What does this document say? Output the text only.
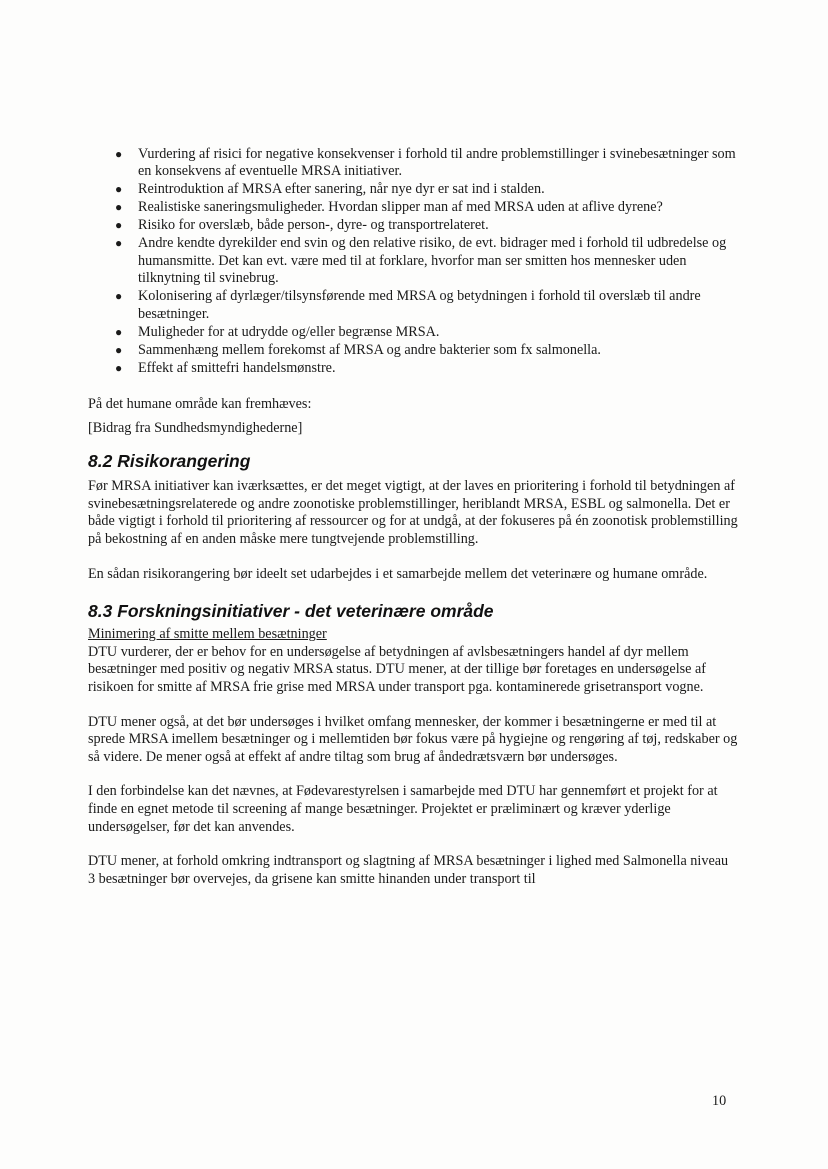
● Vurdering af risici for negative konsekvenser i forhold til andre problemstillinger i svinebesætninger som en konsekvens af eventuelle MRSA initiativer.
● Reintroduktion af MRSA efter sanering, når nye dyr er sat ind i stalden.
● Realistiske saneringsmuligheder. Hvordan slipper man af med MRSA uden at aflive dyrene?
● Risiko for overslæb, både person-, dyre- og transportrelateret.
● Andre kendte dyrekilder end svin og den relative risiko, de evt. bidrager med i forhold til udbredelse og humansmitte. Det kan evt. være med til at forklare, hvorfor man ser smitten hos mennesker uden tilknytning til svinebrug.
● Kolonisering af dyrlæger/tilsynsførende med MRSA og betydningen i forhold til overslæb til andre besætninger.
● Muligheder for at udrydde og/eller begrænse MRSA.
● Sammenhæng mellem forekomst af MRSA og andre bakterier som fx salmonella.
● Effekt af smittefri handelsmønstre.

På det humane område kan fremhæves:

[Bidrag fra Sundhedsmyndighederne]

8.2 Risikorangering

Før MRSA initiativer kan iværksættes, er det meget vigtigt, at der laves en prioritering i forhold til betydningen af svinebesætningsrelaterede og andre zoonotiske problemstillinger, heriblandt MRSA, ESBL og salmonella. Det er både vigtigt i forhold til prioritering af ressourcer og for at undgå, at der fokuseres på én zoonotisk problemstilling på bekostning af en anden måske mere tungtvejende problemstilling.

En sådan risikorangering bør ideelt set udarbejdes i et samarbejde mellem det veterinære og humane område.

8.3 Forskningsinitiativer - det veterinære område

Minimering af smitte mellem besætninger

DTU vurderer, der er behov for en undersøgelse af betydningen af avlsbesætningers handel af dyr mellem besætninger med positiv og negativ MRSA status. DTU mener, at der tillige bør foretages en undersøgelse af risikoen for smitte af MRSA frie grise med MRSA under transport pga. kontaminerede grisetransport vogne.

DTU mener også, at det bør undersøges i hvilket omfang mennesker, der kommer i besætningerne er med til at sprede MRSA imellem besætninger og i mellemtiden bør fokus være på hygiejne og rengøring af tøj, redskaber og så videre. De mener også at effekt af andre tiltag som brug af åndedrætsværn bør undersøges.

I den forbindelse kan det nævnes, at Fødevarestyrelsen i samarbejde med DTU har gennemført et projekt for at finde en egnet metode til screening af mange besætninger. Projektet er præliminært og kræver yderlige undersøgelser, før det kan anvendes.

DTU mener, at forhold omkring indtransport og slagtning af MRSA besætninger i lighed med Salmonella niveau 3 besætninger bør overvejes, da grisene kan smitte hinanden under transport til

10
